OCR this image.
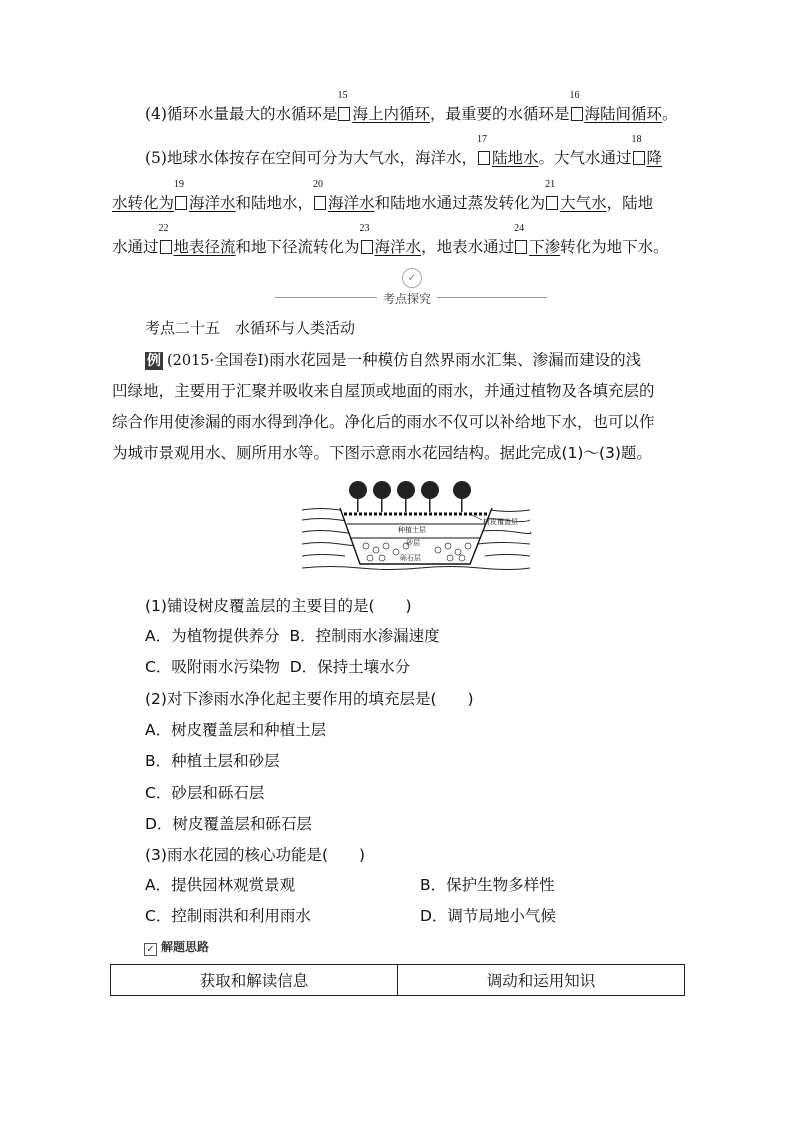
(4)循环水量最大的水循环是
15
海上内循环，最重要的水循环是
16
海陆间循环。
(5)地球水体按存在空间可分为大气水，海洋水，
17
陆地水。大气水通过
18
降
水转化为
19
海洋水和陆地水，
20
海洋水和陆地水通过蒸发转化为
21
大气水，陆地
水通过
22
地表径流和地下径流转化为
23
海洋水，地表水通过
24
下渗转化为地下水。
✓
考点探究
考点二十五　水循环与人类活动
例 (2015·全国卷Ⅰ)雨水花园是一种模仿自然界雨水汇集、渗漏而建设的浅
凹绿地，主要用于汇聚并吸收来自屋顶或地面的雨水，并通过植物及各填充层的
综合作用使渗漏的雨水得到净化。净化后的雨水不仅可以补给地下水，也可以作
为城市景观用水、厕所用水等。下图示意雨水花园结构。据此完成(1)～(3)题。
种植土层
砂层
砾石层
树皮覆盖层
(1)铺设树皮覆盖层的主要目的是(　　)
A．为植物提供养分 B．控制雨水渗漏速度
C．吸附雨水污染物 D．保持土壤水分
(2)对下渗雨水净化起主要作用的填充层是(　　)
A．树皮覆盖层和种植土层
B．种植土层和砂层
C．砂层和砾石层
D．树皮覆盖层和砾石层
(3)雨水花园的核心功能是(　　)
A．提供园林观赏景观	B．保护生物多样性
C．控制雨洪和利用雨水	D．调节局地小气候
✓ 解题思路
获取和解读信息	调动和运用知识
